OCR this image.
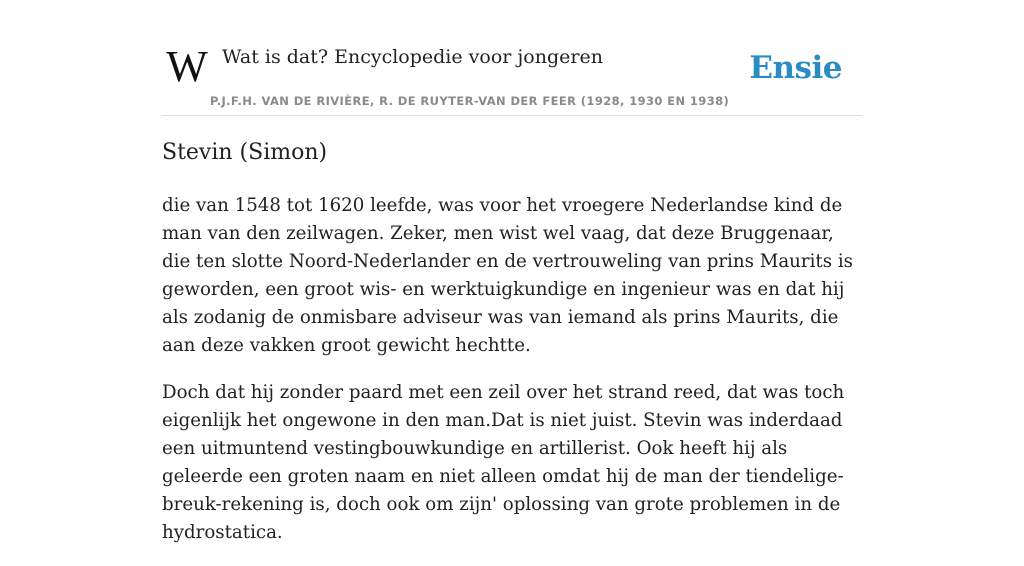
W Wat is dat? Encyclopedie voor jongeren
P.J.F.H. VAN DE RIVIÈRE, R. DE RUYTER-VAN DER FEER (1928, 1930 EN 1938)
Ensie
Stevin (Simon)

die van 1548 tot 1620 leefde, was voor het vroegere Nederlandse kind de man van den zeilwagen. Zeker, men wist wel vaag, dat deze Bruggenaar, die ten slotte Noord-Nederlander en de vertrouweling van prins Maurits is geworden, een groot wis- en werktuigkundige en ingenieur was en dat hij als zodanig de onmisbare adviseur was van iemand als prins Maurits, die aan deze vakken groot gewicht hechtte.

Doch dat hij zonder paard met een zeil over het strand reed, dat was toch eigenlijk het ongewone in den man.Dat is niet juist. Stevin was inderdaad een uitmuntend vestingbouwkundige en artillerist. Ook heeft hij als geleerde een groten naam en niet alleen omdat hij de man der tiendelige-breuk-rekening is, doch ook om zijn' oplossing van grote problemen in de hydrostatica.
